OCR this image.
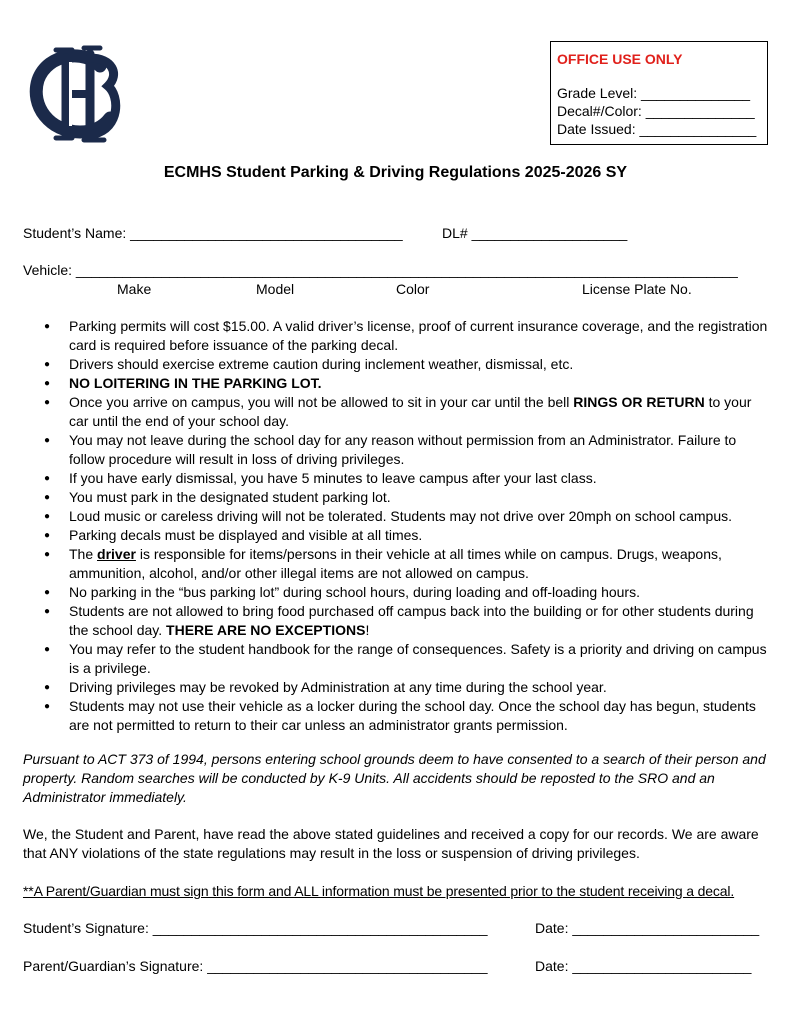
OFFICE USE ONLY
Grade Level: ______________
Decal#/Color: ______________
Date Issued: _______________
ECMHS Student Parking & Driving Regulations 2025-2026 SY
Student’s Name: ___________________________________	DL# ____________________
Vehicle: _____________________________________________________________________________________
Make	Model	Color	License Plate No.
● Parking permits will cost $15.00. A valid driver’s license, proof of current insurance coverage, and the registration card is required before issuance of the parking decal.
● Drivers should exercise extreme caution during inclement weather, dismissal, etc.
● NO LOITERING IN THE PARKING LOT.
● Once you arrive on campus, you will not be allowed to sit in your car until the bell RINGS OR RETURN to your car until the end of your school day.
● You may not leave during the school day for any reason without permission from an Administrator. Failure to follow procedure will result in loss of driving privileges.
● If you have early dismissal, you have 5 minutes to leave campus after your last class.
● You must park in the designated student parking lot.
● Loud music or careless driving will not be tolerated. Students may not drive over 20mph on school campus.
● Parking decals must be displayed and visible at all times.
● The driver is responsible for items/persons in their vehicle at all times while on campus. Drugs, weapons, ammunition, alcohol, and/or other illegal items are not allowed on campus.
● No parking in the “bus parking lot” during school hours, during loading and off-loading hours.
● Students are not allowed to bring food purchased off campus back into the building or for other students during the school day. THERE ARE NO EXCEPTIONS!
● You may refer to the student handbook for the range of consequences. Safety is a priority and driving on campus is a privilege.
● Driving privileges may be revoked by Administration at any time during the school year.
● Students may not use their vehicle as a locker during the school day. Once the school day has begun, students are not permitted to return to their car unless an administrator grants permission.
Pursuant to ACT 373 of 1994, persons entering school grounds deem to have consented to a search of their person and property. Random searches will be conducted by K-9 Units. All accidents should be reposted to the SRO and an Administrator immediately.
We, the Student and Parent, have read the above stated guidelines and received a copy for our records. We are aware that ANY violations of the state regulations may result in the loss or suspension of driving privileges.
**A Parent/Guardian must sign this form and ALL information must be presented prior to the student receiving a decal.
Student’s Signature: ___________________________________________	Date: ________________________
Parent/Guardian’s Signature: ____________________________________	Date: _______________________
